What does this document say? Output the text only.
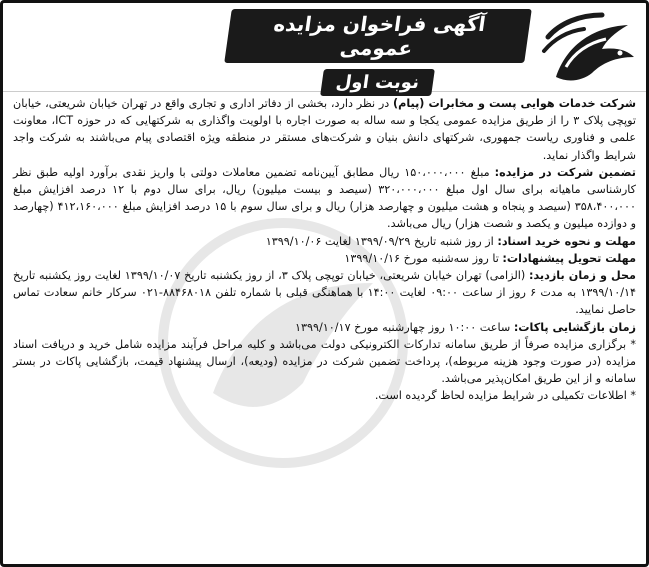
آگهی فراخوان مزایده عمومی
نوبت اول

شرکت خدمات هوایی پست و مخابرات (پیام) در نظر دارد، بخشی از دفاتر اداری و تجاری واقع در تهران خیابان شریعتی، خیابان توپچی پلاک ۳ را از طریق مزایده عمومی یکجا و سه ساله به صورت اجاره با اولویت واگذاری به شرکتهایی که در حوزه ICT، معاونت علمی و فناوری ریاست جمهوری، شرکتهای دانش بنیان و شرکت‌های مستقر در منطقه ویژه اقتصادی پیام می‌باشند به شرکت واجد شرایط واگذار نماید.

تضمین شرکت در مزایده: مبلغ ۱۵۰،۰۰۰،۰۰۰ ریال مطابق آیین‌نامه تضمین معاملات دولتی با واریز نقدی برآورد اولیه طبق نظر کارشناسی ماهیانه برای سال اول مبلغ ۳۲۰،۰۰۰،۰۰۰ (سیصد و بیست میلیون) ریال، برای سال دوم با ۱۲ درصد افزایش مبلغ ۳۵۸،۴۰۰،۰۰۰ (سیصد و پنجاه و هشت میلیون و چهارصد هزار) ریال و برای سال سوم با ۱۵ درصد افزایش مبلغ ۴۱۲،۱۶۰،۰۰۰ (چهارصد و دوازده میلیون و یکصد و شصت هزار) ریال می‌باشد.

مهلت و نحوه خرید اسناد: از روز شنبه تاریخ ۱۳۹۹/۰۹/۲۹ لغایت ۱۳۹۹/۱۰/۰۶

مهلت تحویل پیشنهادات: تا روز سه‌شنبه مورخ ۱۳۹۹/۱۰/۱۶

محل و زمان بازدید: (الزامی) تهران خیابان شریعتی، خیابان توپچی پلاک ۳، از روز یکشنبه تاریخ ۱۳۹۹/۱۰/۰۷ لغایت روز یکشنبه تاریخ ۱۳۹۹/۱۰/۱۴ به مدت ۶ روز از ساعت ۰۹:۰۰ لغایت ۱۴:۰۰ با هماهنگی قبلی با شماره تلفن ۸۸۴۶۸۰۱۸-۰۲۱ سرکار خانم سعادت تماس حاصل نمایید.

زمان بازگشایی پاکات: ساعت ۱۰:۰۰ روز چهارشنبه مورخ ۱۳۹۹/۱۰/۱۷

* برگزاری مزایده صرفاً از طریق سامانه تدارکات الکترونیکی دولت می‌باشد و کلیه مراحل فرآیند مزایده شامل خرید و دریافت اسناد مزایده (در صورت وجود هزینه مربوطه)، پرداخت تضمین شرکت در مزایده (ودیعه)، ارسال پیشنهاد قیمت، بازگشایی پاکات در بستر سامانه و از این طریق امکان‌پذیر می‌باشد.

* اطلاعات تکمیلی در شرایط مزایده لحاظ گردیده است.
